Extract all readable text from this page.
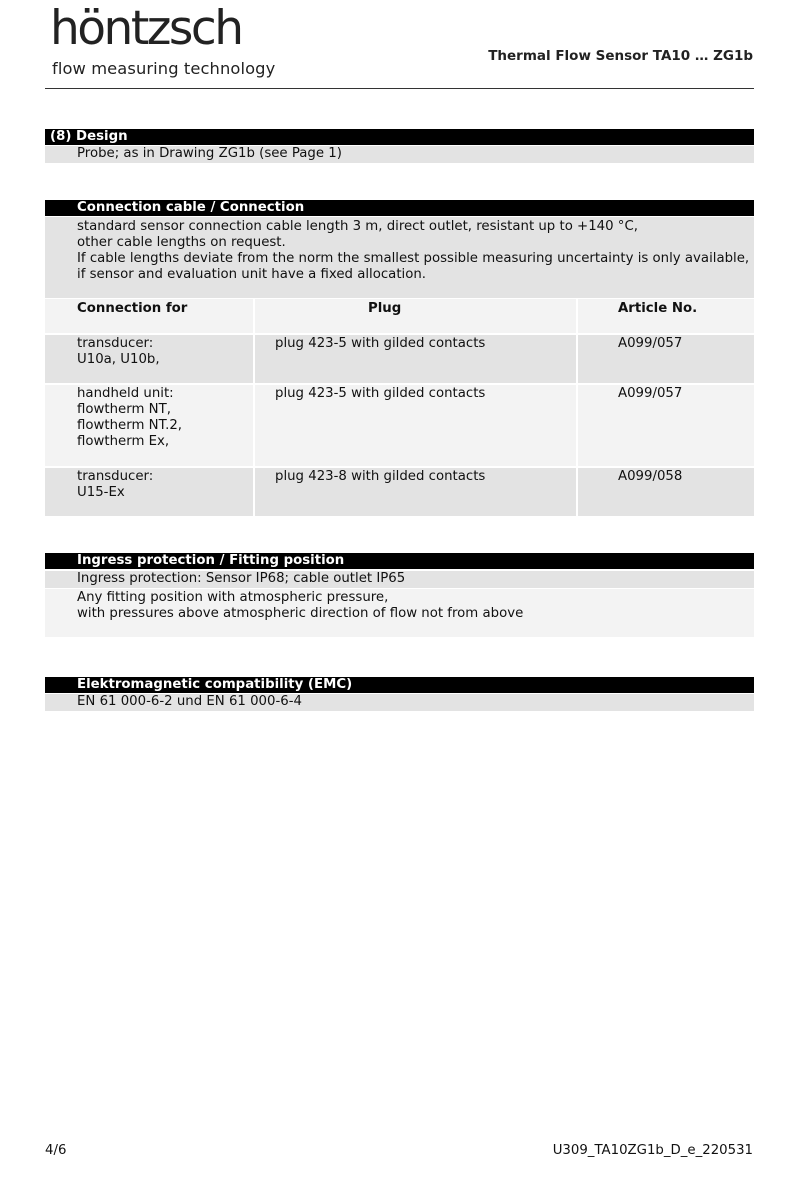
höntzsch
flow measuring technology
Thermal Flow Sensor TA10 … ZG1b
(8) Design
Probe; as in Drawing ZG1b (see Page 1)
Connection cable / Connection
standard sensor connection cable length 3 m, direct outlet, resistant up to +140 °C,
other cable lengths on request.
If cable lengths deviate from the norm the smallest possible measuring uncertainty is only available,
if sensor and evaluation unit have a fixed allocation.
Connection for	Plug	Article No.
transducer:
U10a, U10b,
plug 423-5 with gilded contacts	A099/057
handheld unit:
flowtherm NT,
flowtherm NT.2,
flowtherm Ex,
plug 423-5 with gilded contacts	A099/057
transducer:
U15-Ex
plug 423-8 with gilded contacts	A099/058
Ingress protection / Fitting position
Ingress protection: Sensor IP68; cable outlet IP65
Any fitting position with atmospheric pressure,
with pressures above atmospheric direction of flow not from above
Elektromagnetic compatibility (EMC)
EN 61 000-6-2 und EN 61 000-6-4
4/6	U309_TA10ZG1b_D_e_220531
